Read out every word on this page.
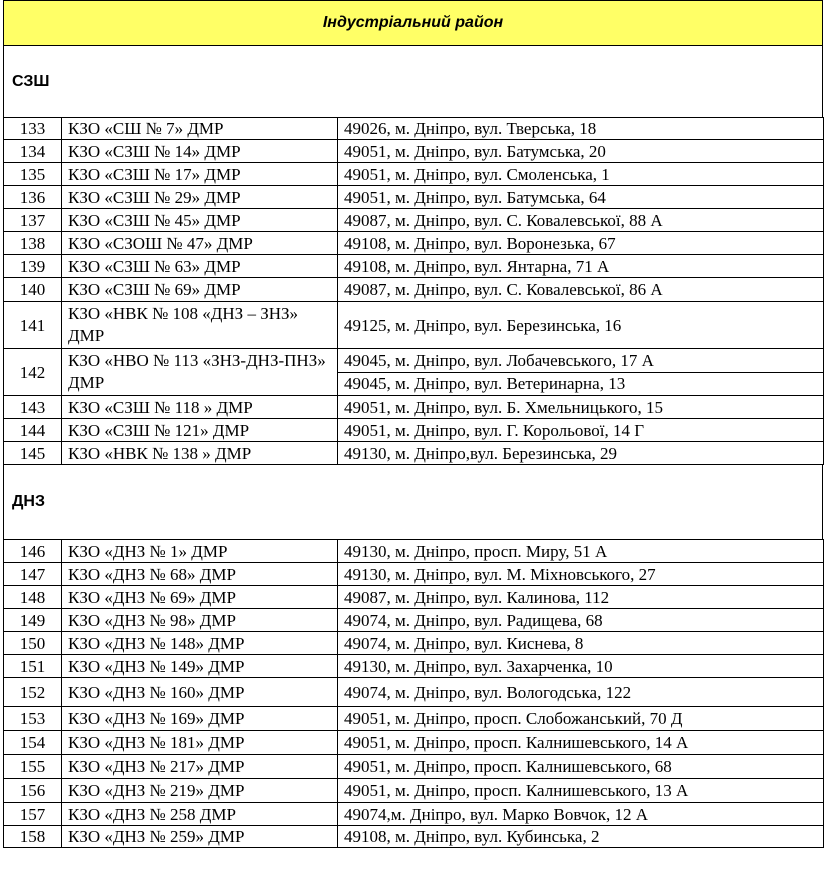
Індустріальний район
СЗШ
133	КЗО «СШ № 7» ДМР	49026, м. Дніпро, вул. Тверська, 18
134	КЗО «СЗШ № 14» ДМР	49051, м. Дніпро, вул. Батумська, 20
135	КЗО «СЗШ № 17» ДМР	49051, м. Дніпро, вул. Смоленська, 1
136	КЗО «СЗШ № 29» ДМР	49051, м. Дніпро, вул. Батумська, 64
137	КЗО «СЗШ № 45» ДМР	49087, м. Дніпро, вул. С. Ковалевської, 88 А
138	КЗО «СЗОШ № 47» ДМР	49108, м. Дніпро, вул. Воронезька, 67
139	КЗО «СЗШ № 63» ДМР	49108, м. Дніпро, вул. Янтарна, 71 А
140	КЗО «СЗШ № 69» ДМР	49087, м. Дніпро, вул. С. Ковалевської, 86 А
141	КЗО «НВК № 108 «ДНЗ – ЗНЗ» ДМР	49125, м. Дніпро, вул. Березинська, 16
142	КЗО «НВО № 113 «ЗНЗ-ДНЗ-ПНЗ» ДМР	49045, м. Дніпро, вул. Лобачевського, 17 А
		49045, м. Дніпро, вул. Ветеринарна, 13
143	КЗО «СЗШ № 118 » ДМР	49051, м. Дніпро, вул. Б. Хмельницького, 15
144	КЗО «СЗШ № 121» ДМР	49051, м. Дніпро, вул. Г. Корольової, 14 Г
145	КЗО «НВК № 138 » ДМР	49130, м. Дніпро,вул. Березинська, 29
ДНЗ
146	КЗО «ДНЗ № 1» ДМР	49130, м. Дніпро, просп. Миру, 51 А
147	КЗО «ДНЗ № 68» ДМР	49130, м. Дніпро, вул. М. Міхновського, 27
148	КЗО «ДНЗ № 69» ДМР	49087, м. Дніпро, вул. Калинова, 112
149	КЗО «ДНЗ № 98» ДМР	49074, м. Дніпро, вул. Радищева, 68
150	КЗО «ДНЗ № 148» ДМР	49074, м. Дніпро, вул. Киснева, 8
151	КЗО «ДНЗ № 149» ДМР	49130, м. Дніпро, вул. Захарченка, 10
152	КЗО «ДНЗ № 160» ДМР	49074, м. Дніпро, вул. Вологодська, 122
153	КЗО «ДНЗ № 169» ДМР	49051, м. Дніпро, просп. Слобожанський, 70 Д
154	КЗО «ДНЗ № 181» ДМР	49051, м. Дніпро, просп. Калнишевського, 14 А
155	КЗО «ДНЗ № 217» ДМР	49051, м. Дніпро, просп. Калнишевського, 68
156	КЗО «ДНЗ № 219» ДМР	49051, м. Дніпро, просп. Калнишевського, 13 А
157	КЗО «ДНЗ № 258 ДМР	49074,м. Дніпро, вул. Марко Вовчок, 12 А
158	КЗО «ДНЗ № 259» ДМР	49108, м. Дніпро, вул. Кубинська, 2
